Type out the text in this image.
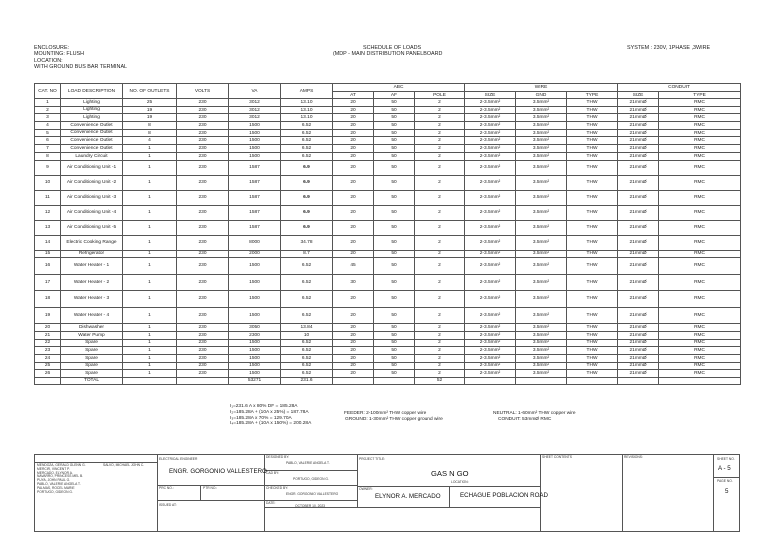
ENCLOSURE:
MOUNTING: FLUSH
LOCATION:
WITH GROUND BUS BAR TERMINAL
SCHEDULE OF LOADS
(MDP - MAIN DISTRIBUTION PANELBOARD
SYSTEM : 230V, 1PHASE ,3WIRE
CAT. NO	LOAD DESCRIPTION	NO. OF OUTLETS	VOLTS	VA	AMPS	ABC			WIRE			CONDUIT	
						AT	AF	POLE	SIZE	GND	TYPE	SIZE	TYPE
1	Lighting	25	230	3012	13.10	20	50	2	2-3.5mm²	3.5mm²	THW	21mmØ	RMC
2	Lighting	19	230	3012	13.10	20	50	2	2-3.5mm²	3.5mm²	THW	21mmØ	RMC
3	Lighting	19	230	3012	13.10	20	50	2	2-3.5mm²	3.5mm²	THW	21mmØ	RMC
4	Convenience Outlet	8	230	1500	6.52	20	50	2	2-3.5mm²	3.5mm²	THW	21mmØ	RMC
5	Convenience Outlet	8	230	1500	6.52	20	50	2	2-3.5mm²	3.5mm²	THW	21mmØ	RMC
6	Convenience Outlet	4	230	1500	6.52	20	50	2	2-3.5mm²	3.5mm²	THW	21mmØ	RMC
7	Convenience Outlet	1	230	1500	6.52	20	50	2	2-3.5mm²	3.5mm²	THW	21mmØ	RMC
8	Laundry Circuit	1	230	1500	6.52	20	50	2	2-3.5mm²	3.5mm²	THW	21mmØ	RMC
9	Air Conditioning Unit -1	1	230	1587	6.9	20	50	2	2-3.5mm²	3.5mm²	THW	21mmØ	RMC
10	Air Conditioning Unit -2	1	230	1587	6.9	20	50	2	2-3.5mm²	3.5mm²	THW	21mmØ	RMC
11	Air Conditioning Unit -3	1	230	1587	6.9	20	50	2	2-3.5mm²	3.5mm²	THW	21mmØ	RMC
12	Air Conditioning Unit -4	1	230	1587	6.9	20	50	2	2-3.5mm²	3.5mm²	THW	21mmØ	RMC
13	Air Conditioning Unit -5	1	230	1587	6.9	20	50	2	2-3.5mm²	3.5mm²	THW	21mmØ	RMC
14	Electric Cooking Range	1	230	8000	34.78	20	50	2	2-3.5mm²	3.5mm²	THW	21mmØ	RMC
15	Refrigerator	1	230	2000	8.7	20	50	2	2-3.5mm²	3.5mm²	THW	21mmØ	RMC
16	Water Heater - 1	1	230	1500	6.52	45	50	2	2-3.5mm²	3.5mm²	THW	21mmØ	RMC
17	Water Heater - 2	1	230	1500	6.52	30	50	2	2-3.5mm²	3.5mm²	THW	21mmØ	RMC
18	Water Heater - 3	1	230	1500	6.52	20	50	2	2-3.5mm²	3.5mm²	THW	21mmØ	RMC
19	Water Heater - 4	1	230	1500	6.52	20	50	2	2-3.5mm²	3.5mm²	THW	21mmØ	RMC
20	Dishwasher	1	230	3050	13.84	20	50	2	2-3.5mm²	3.5mm²	THW	21mmØ	RMC
21	Water Pump	1	230	2300	10	20	50	2	2-3.5mm²	3.5mm²	THW	21mmØ	RMC
22	Spare	1	230	1500	6.52	20	50	2	2-3.5mm²	3.5mm²	THW	21mmØ	RMC
23	Spare	1	230	1500	6.52	20	50	2	2-3.5mm²	3.5mm²	THW	21mmØ	RMC
24	Spare	1	230	1500	6.52	20	50	2	2-3.5mm²	3.5mm²	THW	21mmØ	RMC
25	Spare	1	230	1500	6.52	20	50	2	2-3.5mm²	3.5mm²	THW	21mmØ	RMC
26	Spare	1	230	1500	6.52	20	50	2	2-3.5mm²	3.5mm²	THW	21mmØ	RMC
	TOTAL			53271	231.6			52					
I₁=231.6 A x 80% DF = 185.28A
I₂=185.28A + (10A x 25%) = 187.78A
I₃=185.28A x 70% = 129.70A
I₄=185.28A + (10A x 150%) = 200.28A
FEEDER: 2-100mm² THW copper wire
GROUND: 1-30mm² THW copper ground wire
NEUTRAL: 1-60mm² THW copper wire
CONDUIT: 53mmØ RMC
MENDOZA, GERALD GLENN G.
MERCIR, VINCENT P.
MERCADO, ELYNOR A.
NAVARRO, PRINCESS MEL B.
PUYA, JOHN PAUL G.
PABLO, VALERIE ANGELA T.
PALMAS, ROCEL MARIE
PORTUGO, GIDEON G.
SALVO, MICHAEL JOHN C.
ELECTRICAL ENGINEER
ENGR. GORGONIO VALLESTERO
PRC NO.:	PTR NO.:
ISSUED AT:
DESIGNED BY:
PABLO, VALERIE ANGELA T.
CAD BY:
PORTUGO, GIDEON G.
CHECKED BY:
ENGR. GORGONIO VALLESTERO
DATE:
OCTOBER 10, 2023
PROJECT TITLE:
GAS N GO
OWNER:
ELYNOR A. MERCADO
LOCATION:
ECHAGUE POBLACION ROAD
SHEET CONTENTS	REVISIONS:	SHEET NO.
A - 5
PAGE NO.
5
